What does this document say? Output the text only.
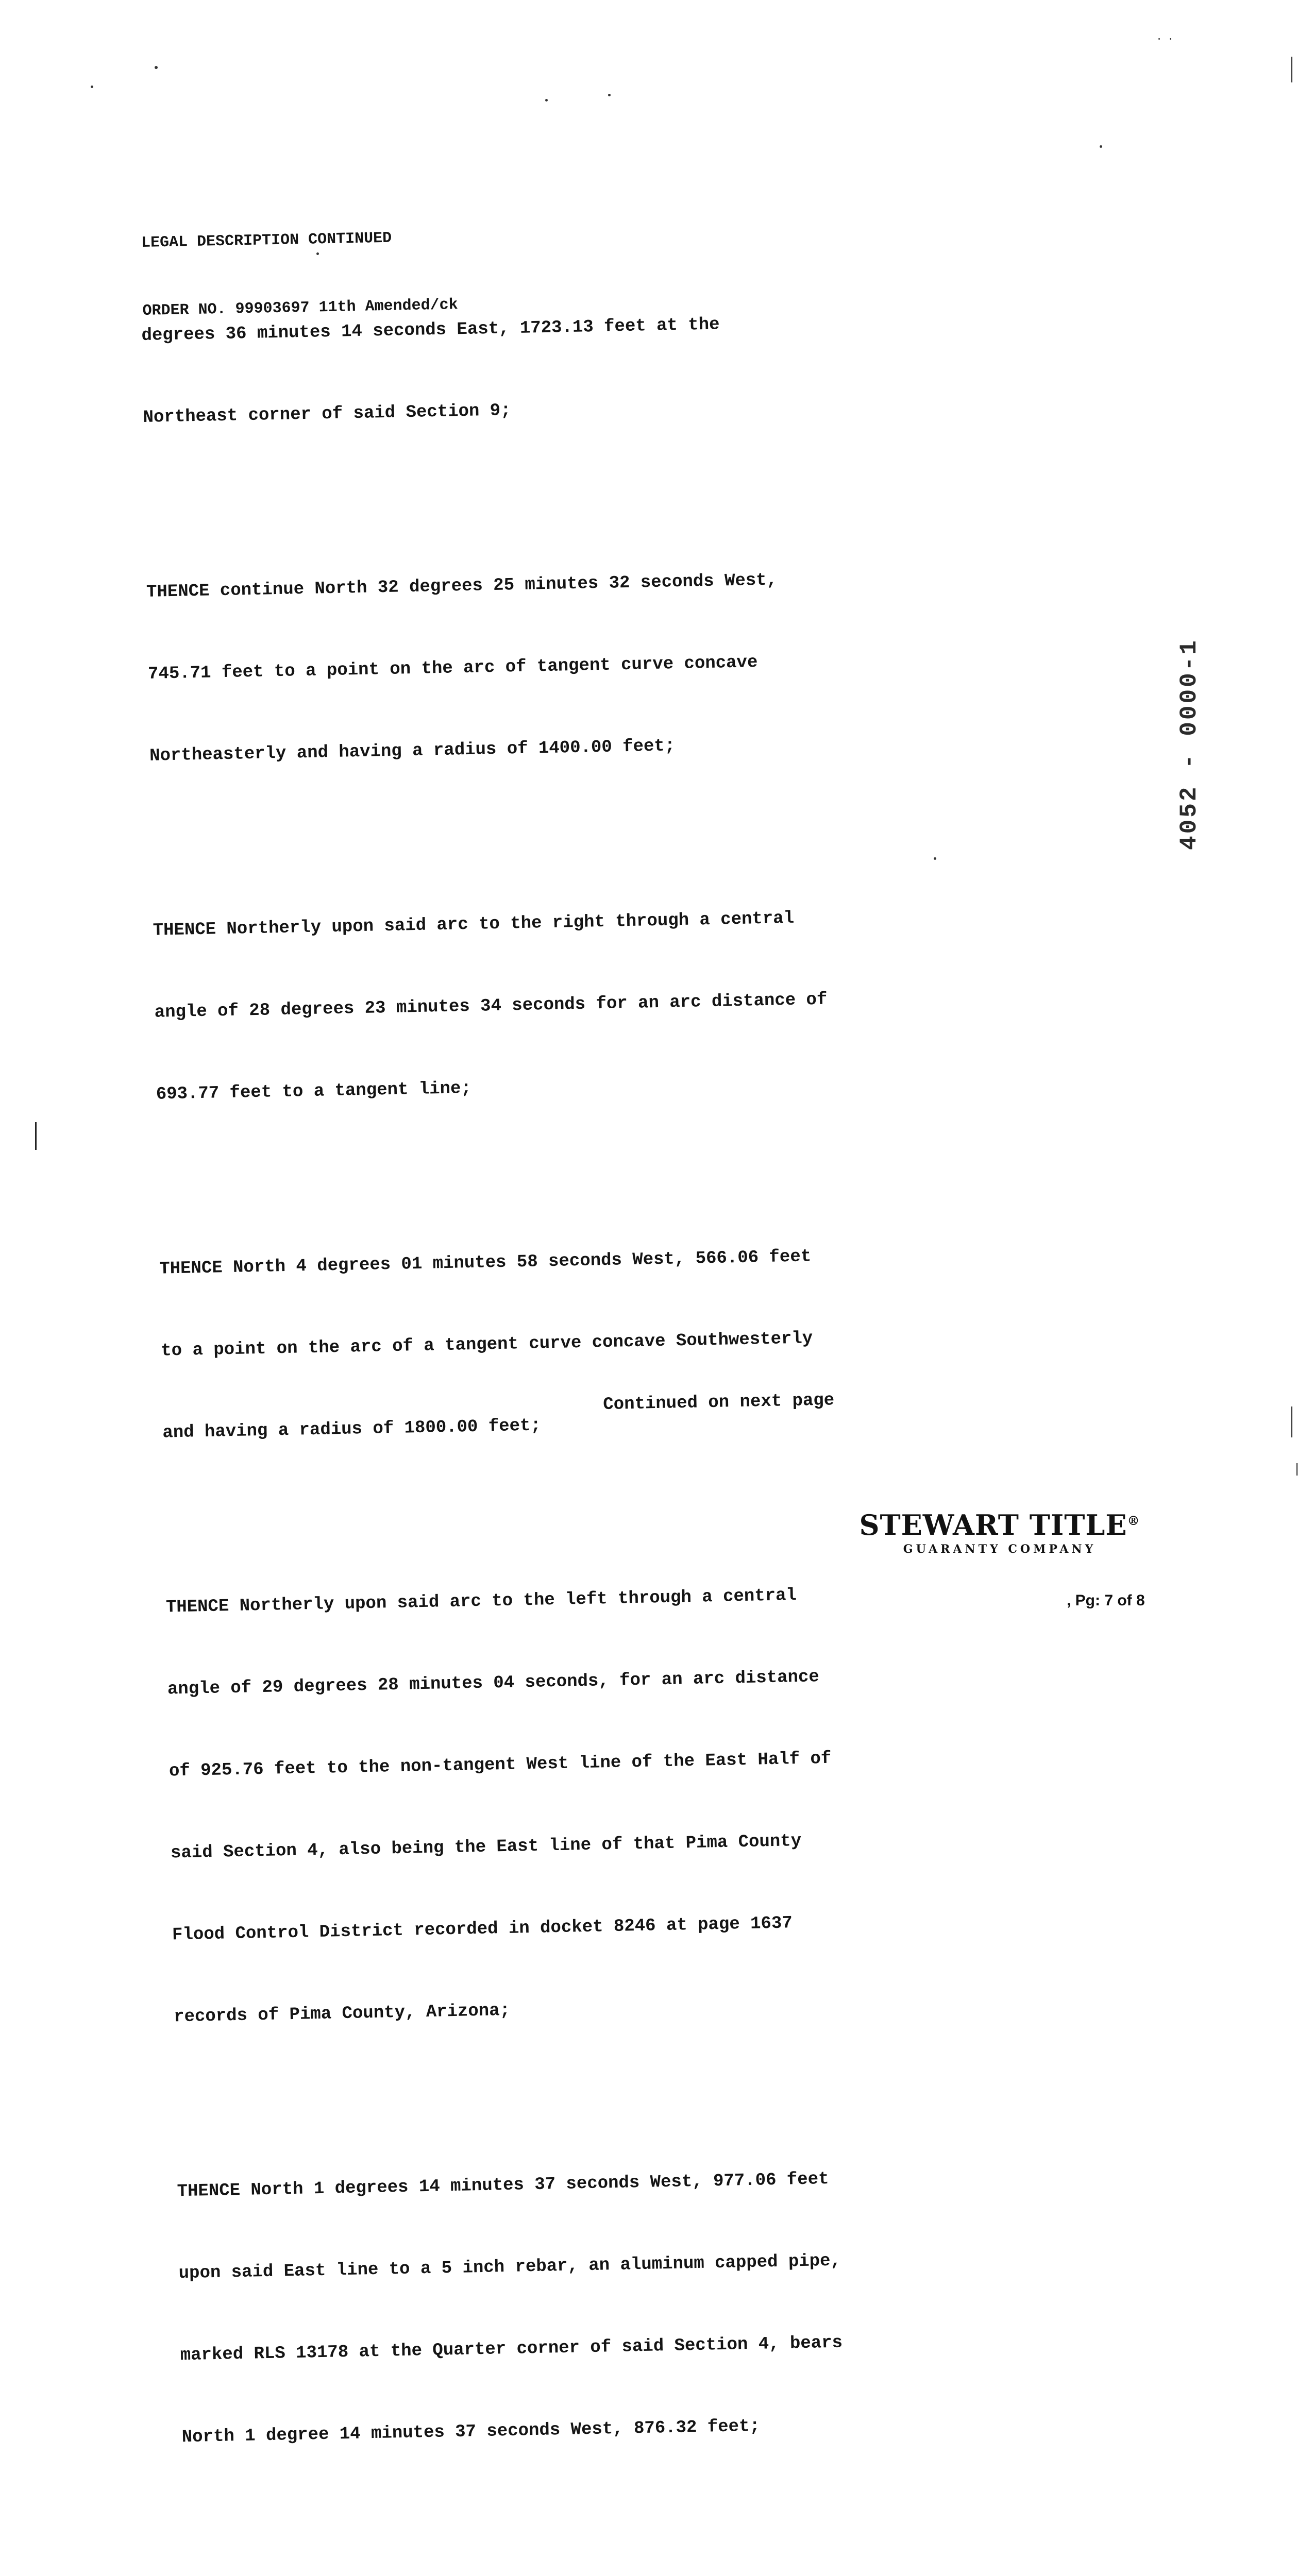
LEGAL DESCRIPTION CONTINUED

ORDER NO. 99903697 11th Amended/ck

degrees 36 minutes 14 seconds East, 1723.13 feet at the

Northeast corner of said Section 9;

THENCE continue North 32 degrees 25 minutes 32 seconds West,

745.71 feet to a point on the arc of tangent curve concave

Northeasterly and having a radius of 1400.00 feet;

THENCE Northerly upon said arc to the right through a central

angle of 28 degrees 23 minutes 34 seconds for an arc distance of

693.77 feet to a tangent line;

THENCE North 4 degrees 01 minutes 58 seconds West, 566.06 feet

to a point on the arc of a tangent curve concave Southwesterly

and having a radius of 1800.00 feet;

THENCE Northerly upon said arc to the left through a central

angle of 29 degrees 28 minutes 04 seconds, for an arc distance

of 925.76 feet to the non-tangent West line of the East Half of

said Section 4, also being the East line of that Pima County

Flood Control District recorded in docket 8246 at page 1637

records of Pima County, Arizona;

THENCE North 1 degrees 14 minutes 37 seconds West, 977.06 feet

upon said East line to a 5 inch rebar, an aluminum capped pipe,

marked RLS 13178 at the Quarter corner of said Section 4, bears

North 1 degree 14 minutes 37 seconds West, 876.32 feet;

Continued on next page
4052 - 0000-1
STEWART TITLE®
GUARANTY COMPANY
, Pg: 7 of 8
